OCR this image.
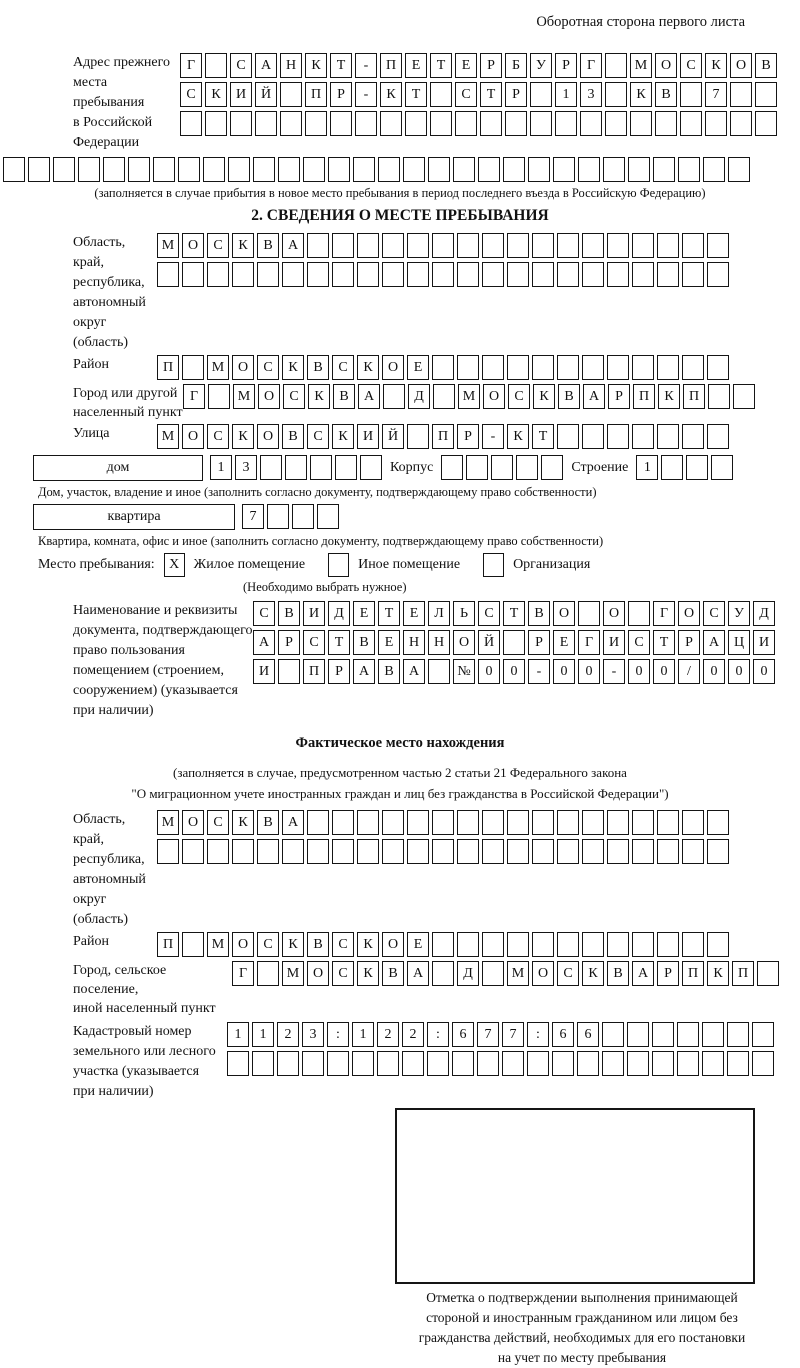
Оборотная сторона первого листа
Адрес прежнего
места пребывания
в Российской
Федерации
Г	С	А	Н	К	Т	-	П	Е	Т	Е	Р	Б	У	Р	Г	М О	С	К	О	В
С	К	И	Й	П	Р	-	К	Т	С	Т	Р	1	3	К	В	7
(заполняется в случае прибытия в новое место пребывания в период последнего въезда в Российскую Федерацию)
2. СВЕДЕНИЯ О МЕСТЕ ПРЕБЫВАНИЯ
Область, край,
республика,
автономный
округ (область)
М О	С	К	В	А
Район	П	М О	С	К	В	С	К	О	Е
Город или другой
населенный пункт
Г	М О	С	К	В	А	Д	М О	С	К	В	А	Р	П	К	П
Улица	М О	С	К	О	В	С	К	И	Й	П	Р	-	К	Т
дом	1	3	Корпус	Строение	1
Дом, участок, владение и иное (заполнить согласно документу, подтверждающему право собственности)
квартира	7
Квартира, комната, офис и иное (заполнить согласно документу, подтверждающему право собственности)
Место пребывания:	X	Жилое помещение	Иное помещение	Организация
(Необходимо выбрать нужное)
Наименование и реквизиты
документа, подтверждающего
право пользования
помещением (строением,
сооружением) (указывается
при наличии)
С	В	И	Д	Е	Т	Е	Л	Ь	С	Т	В	О	О	Г	О	С	У	Д
А	Р	С	Т	В	Е	Н	Н	О	Й	Р	Е	Г	И	С	Т	Р	А	Ц	И
И	П	Р	А	В	А	№	0	0	-	0	0	-	0	0	/	0	0	0
Фактическое место нахождения
(заполняется в случае, предусмотренном частью 2 статьи 21 Федерального закона
"О миграционном учете иностранных граждан и лиц без гражданства в Российской Федерации")
Область, край,
республика,
автономный округ
(область)
М О	С	К	В	А
Район	П	М О	С	К	В	С	К	О	Е
Город, сельское поселение,
иной населенный пункт
Г	М О	С	К	В	А	Д	М О	С	К	В	А	Р	П	К	П
Кадастровый номер
земельного или лесного
участка (указывается
при наличии)
1	1	2	3	:	1	2	2	:	6	7	7	:	6	6
Отметка о подтверждении выполнения принимающей
стороной и иностранным гражданином или лицом без
гражданства действий, необходимых для его постановки
на учет по месту пребывания
